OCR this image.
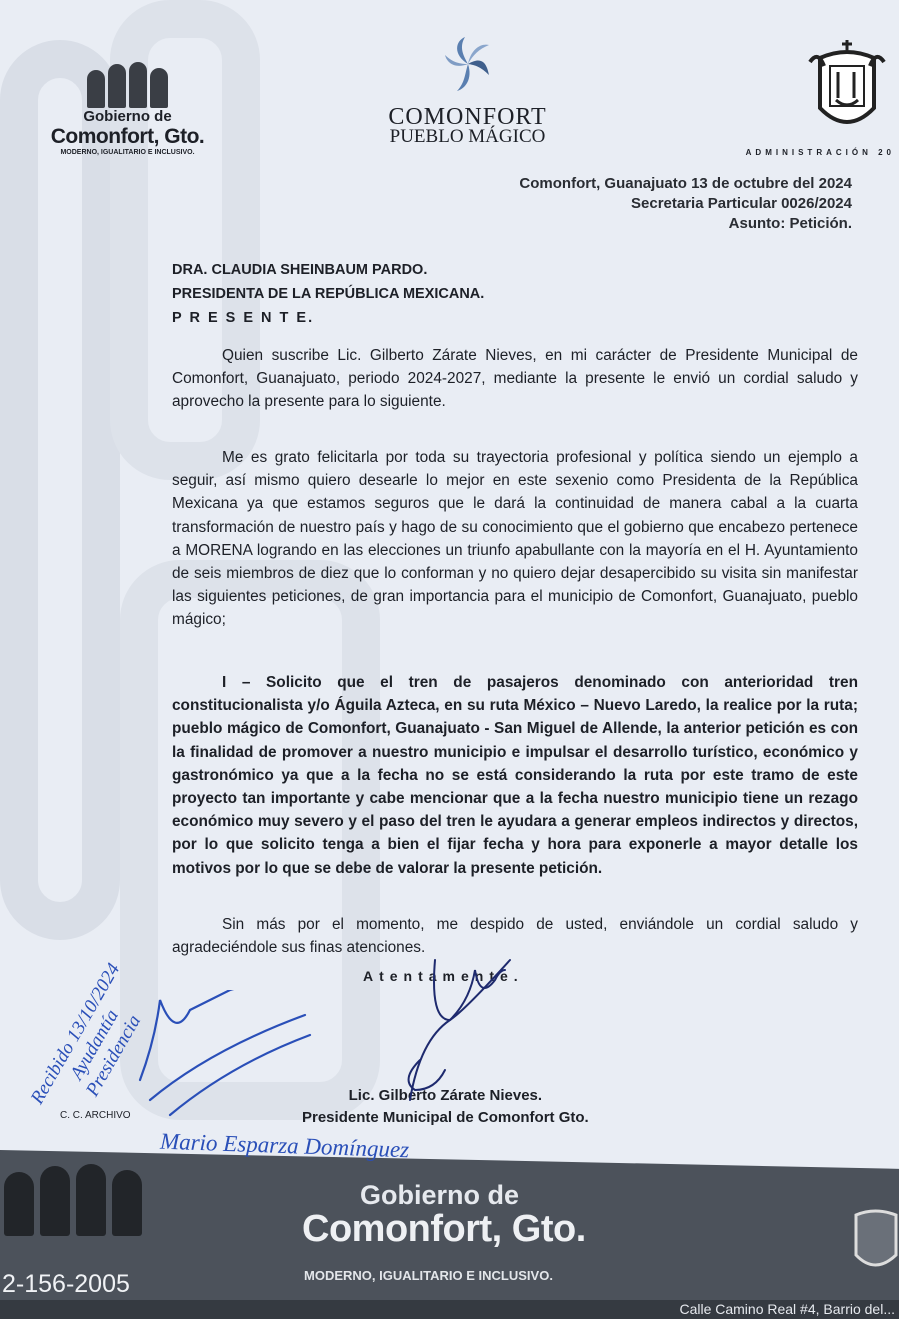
Gobierno de
Comonfort, Gto.
MODERNO, IGUALITARIO E INCLUSIVO.
COMONFORT
PUEBLO MÁGICO
ADMINISTRACIÓN 20
Comonfort, Guanajuato 13 de octubre del 2024
Secretaria Particular 0026/2024
Asunto: Petición.
DRA. CLAUDIA SHEINBAUM PARDO.
PRESIDENTA DE LA REPÚBLICA MEXICANA.
P R E S E N T E.

Quien suscribe Lic. Gilberto Zárate Nieves, en mi carácter de Presidente Municipal de Comonfort, Guanajuato, periodo 2024-2027, mediante la presente le envió un cordial saludo y aprovecho la presente para lo siguiente.

Me es grato felicitarla por toda su trayectoria profesional y política siendo un ejemplo a seguir, así mismo quiero desearle lo mejor en este sexenio como Presidenta de la República Mexicana ya que estamos seguros que le dará la continuidad de manera cabal a la cuarta transformación de nuestro país y hago de su conocimiento que el gobierno que encabezo pertenece a MORENA logrando en las elecciones un triunfo apabullante con la mayoría en el H. Ayuntamiento de seis miembros de diez que lo conforman y no quiero dejar desapercibido su visita sin manifestar las siguientes peticiones, de gran importancia para el municipio de Comonfort, Guanajuato, pueblo mágico;

I – Solicito que el tren de pasajeros denominado con anterioridad tren constitucionalista y/o Águila Azteca, en su ruta México – Nuevo Laredo, la realice por la ruta; pueblo mágico de Comonfort, Guanajuato - San Miguel de Allende, la anterior petición es con la finalidad de promover a nuestro municipio e impulsar el desarrollo turístico, económico y gastronómico ya que a la fecha no se está considerando la ruta por este tramo de este proyecto tan importante y cabe mencionar que a la fecha nuestro municipio tiene un rezago económico muy severo y el paso del tren le ayudara a generar empleos indirectos y directos, por lo que solicito tenga a bien el fijar fecha y hora para exponerle a mayor detalle los motivos por lo que se debe de valorar la presente petición.

Sin más por el momento, me despido de usted, enviándole un cordial saludo y agradeciéndole sus finas atenciones.

Atentamente.
Lic. Gilberto Zárate Nieves.
Presidente Municipal de Comonfort Gto.
C. C. ARCHIVO
Gobierno de
Comonfort, Gto.
MODERNO, IGUALITARIO E INCLUSIVO.
2-156-2005
Calle Camino Real #4, Barrio del...
Recibido 13/10/2024 Ayudantía Presidencia
Mario Esparza Domínguez
